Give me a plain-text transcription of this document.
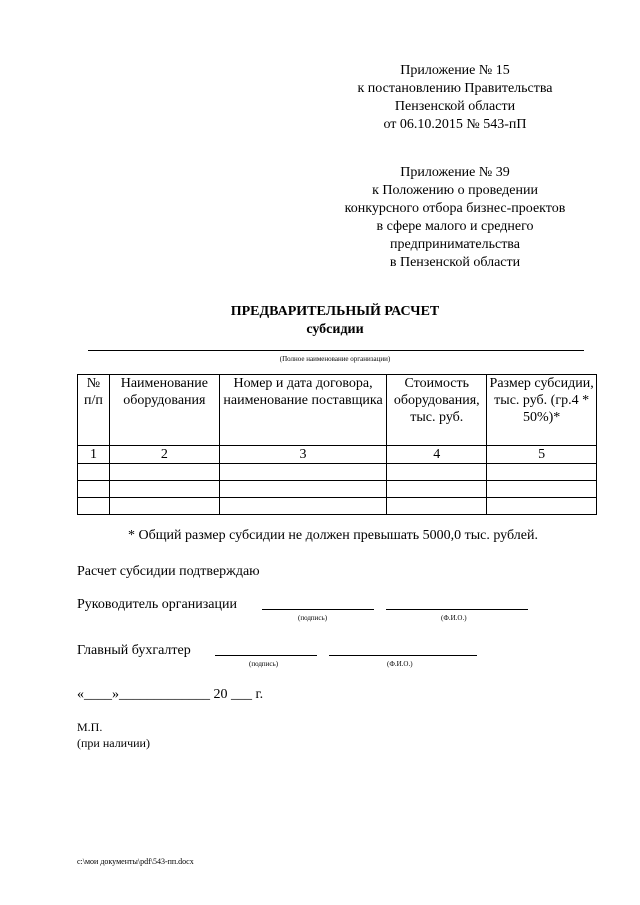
Приложение № 15
к постановлению Правительства
Пензенской области
от 06.10.2015 № 543-пП
Приложение № 39
к Положению о проведении
конкурсного отбора бизнес-проектов
в сфере малого и среднего
предпринимательства
в Пензенской области
ПРЕДВАРИТЕЛЬНЫЙ РАСЧЕТ
субсидии
(Полное наименование организации)
№ п/п	Наименование оборудования	Номер и дата договора, наименование поставщика	Стоимость оборудования, тыс. руб.	Размер субсидии, тыс. руб. (гр.4 * 50%)*
1	2	3	4	5

* Общий размер субсидии не должен превышать 5000,0 тыс. рублей.
Расчет субсидии подтверждаю
Руководитель организации
(подпись)	(Ф.И.О.)
Главный бухгалтер
(подпись)	(Ф.И.О.)
«____»_____________ 20 ___ г.
М.П.
(при наличии)
c:\мои документы\pdf\543-пп.docx
